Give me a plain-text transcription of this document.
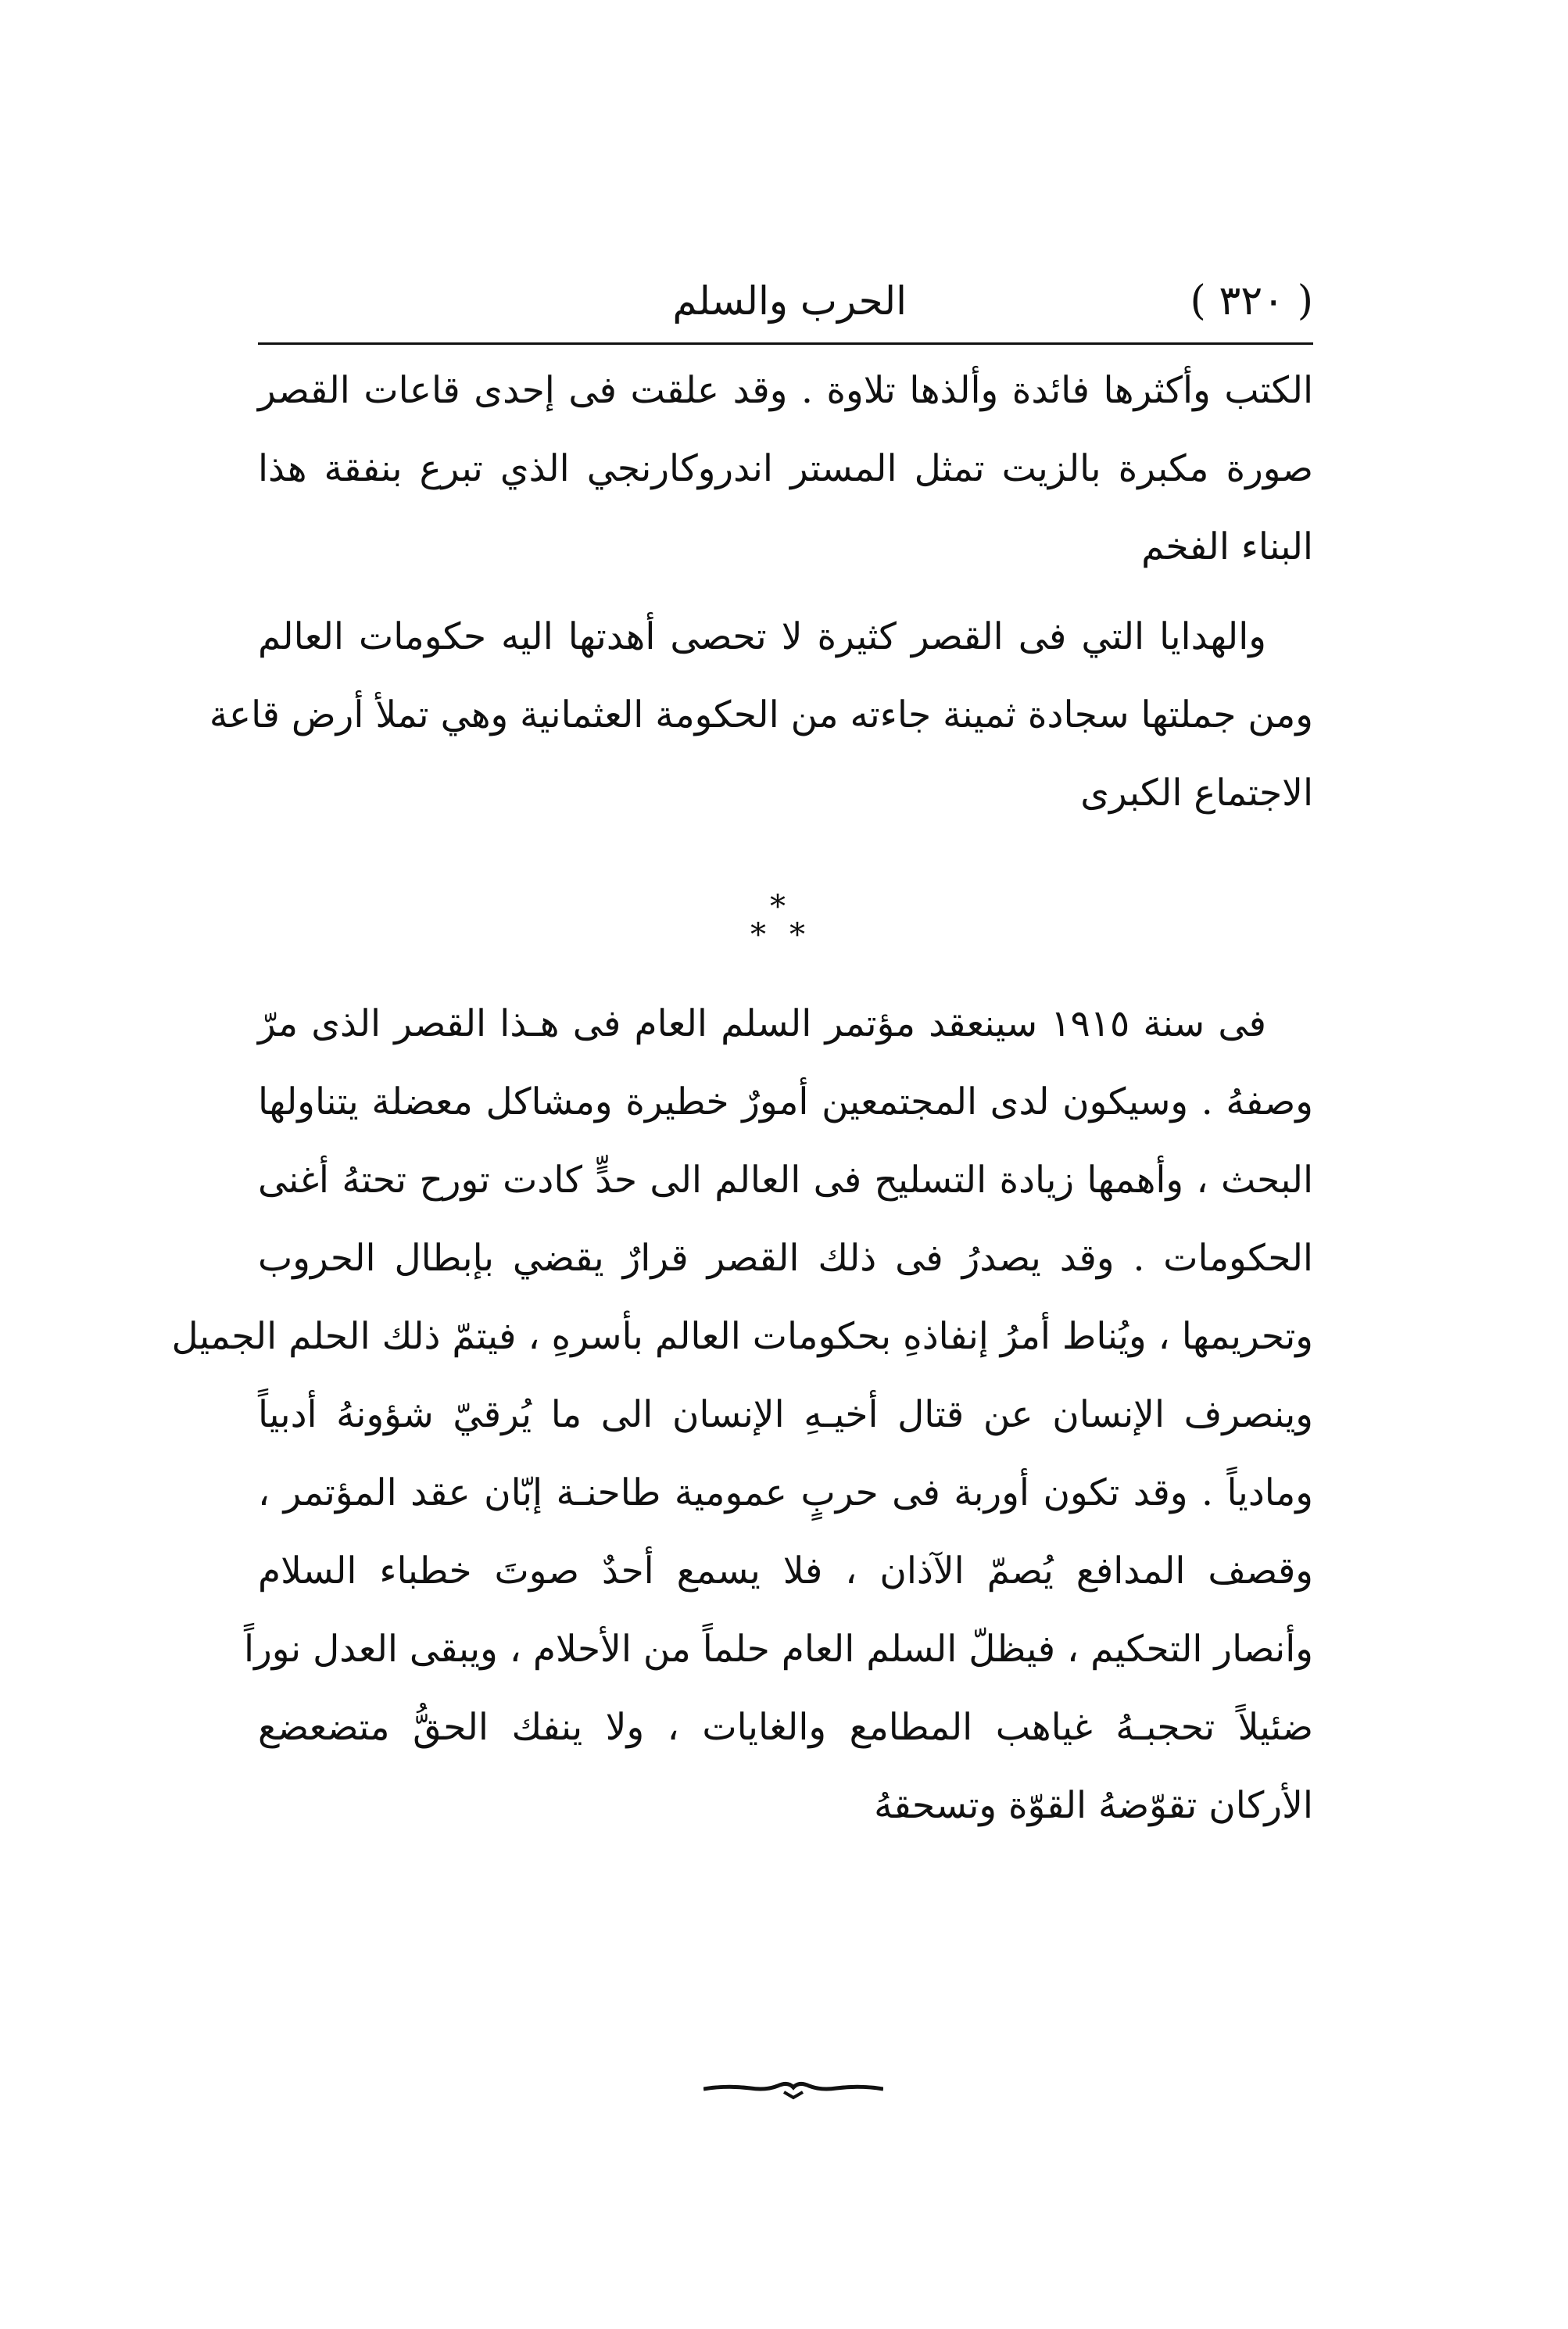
( ٣٢٠ )
الحرب والسلم
الكتب وأكثرها فائدة وألذها تلاوة . وقد علقت فى إحدى قاعات القصر
صورة مكبرة بالزيت تمثل المستر اندروكارنجي الذي تبرع بنفقة هذا
البناء الفخم
والهدايا التي فى القصر كثيرة لا تحصى أهدتها اليه حكومات العالم
ومن جملتها سجادة ثمينة جاءته من الحكومة العثمانية وهي تملأ أرض قاعة
الاجتماع الكبرى
فى سنة ١٩١٥ سينعقد مؤتمر السلم العام فى هـذا القصر الذى مرّ
وصفهُ . وسيكون لدى المجتمعين أمورٌ خطيرة ومشاكل معضلة يتناولها
البحث ، وأهمها زيادة التسليح فى العالم الى حدٍّ كادت تورح تحتهُ أغنى
الحكومات . وقد يصدرُ فى ذلك القصر قرارٌ يقضي بإبطال الحروب
وتحريمها ، ويُناط أمرُ إنفاذهِ بحكومات العالم بأسرهِ ، فيتمّ ذلك الحلم الجميل
وينصرف الإنسان عن قتال أخيـهِ الإنسان الى ما يُرقيّ شؤونهُ أدبياً
ومادياً . وقد تكون أوربة فى حربٍ عمومية طاحنـة إبّان عقد المؤتمر ،
وقصف المدافع يُصمّ الآذان ، فلا يسمع أحدٌ صوتَ خطباء السلام
وأنصار التحكيم ، فيظلّ السلم العام حلماً من الأحلام ، ويبقى العدل نوراً
ضئيلاً تحجبـهُ غياهب المطامع والغايات ، ولا ينفك الحقُّ متضعضع
الأركان تقوّضهُ القوّة وتسحقهُ
*
* *
